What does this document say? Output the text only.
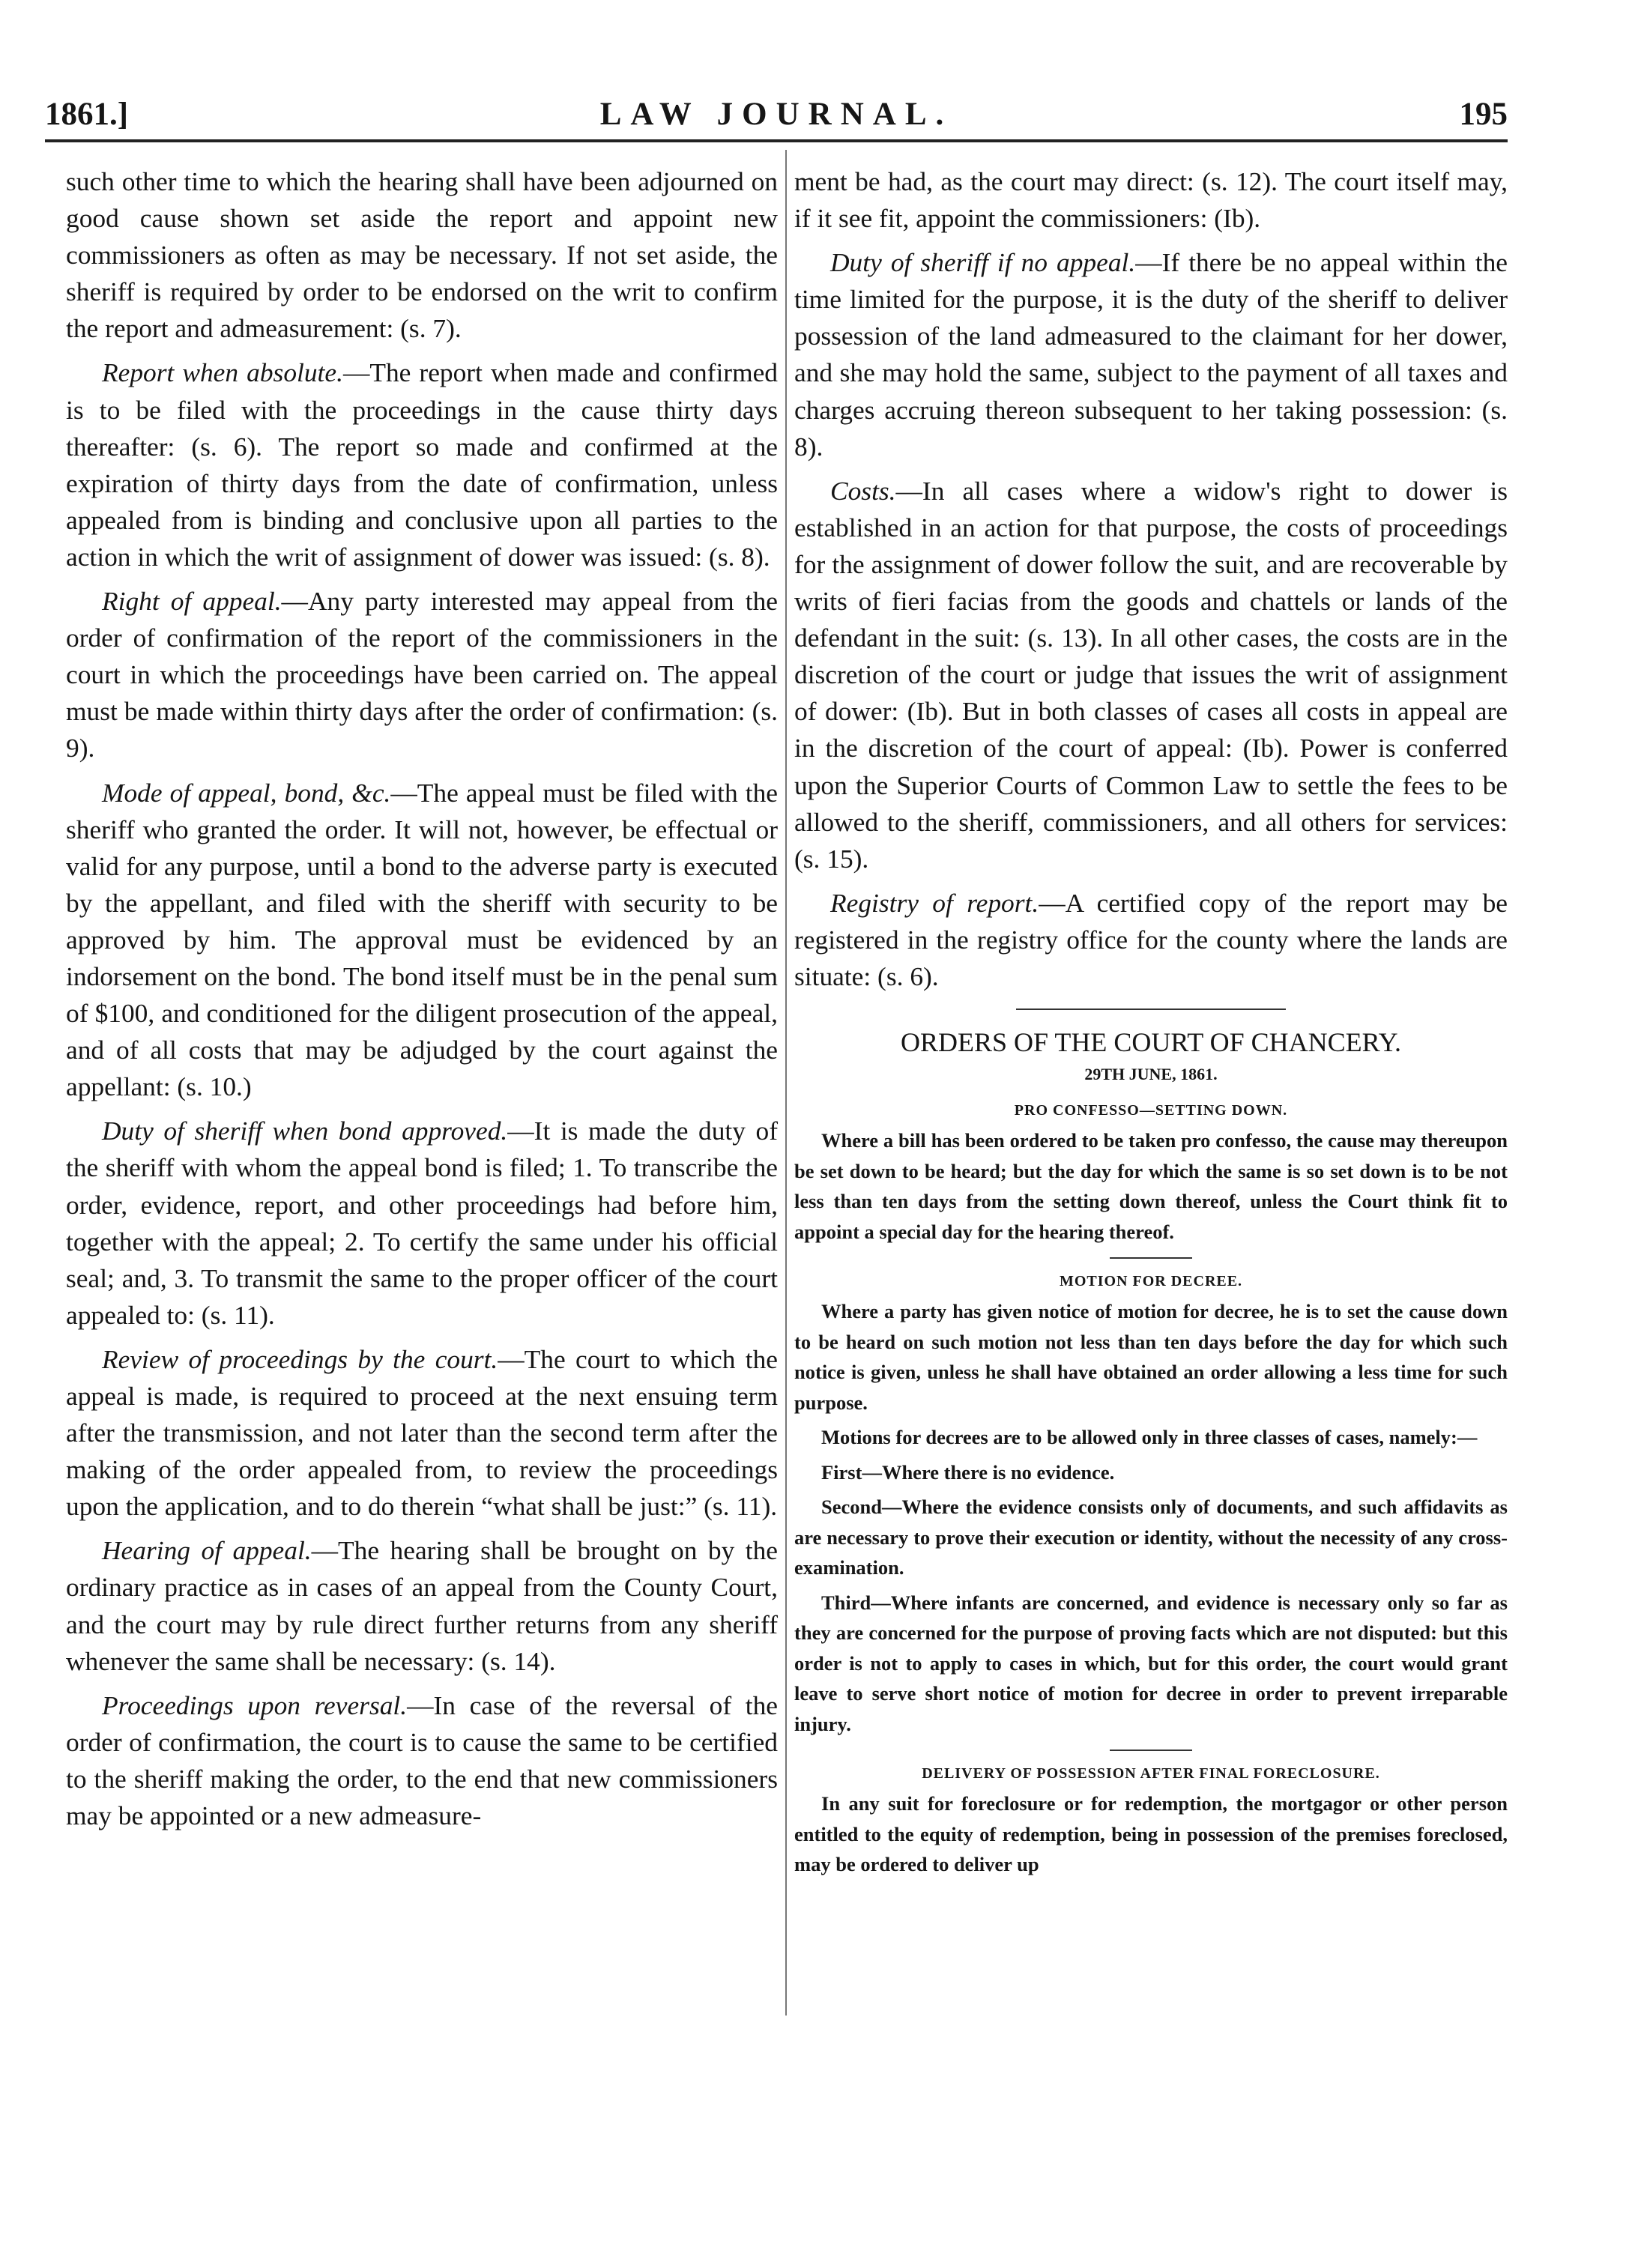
1861.]	LAW JOURNAL.	195

such other time to which the hearing shall have been adjourned on good cause shown set aside the report and appoint new commissioners as often as may be necessary. If not set aside, the sheriff is required by order to be endorsed on the writ to confirm the report and admeasurement: (s. 7).

Report when absolute.—The report when made and confirmed is to be filed with the proceedings in the cause thirty days thereafter: (s. 6). The report so made and confirmed at the expiration of thirty days from the date of confirmation, unless appealed from is binding and conclusive upon all parties to the action in which the writ of assignment of dower was issued: (s. 8).

Right of appeal.—Any party interested may appeal from the order of confirmation of the report of the commissioners in the court in which the proceedings have been carried on. The appeal must be made within thirty days after the order of confirmation: (s. 9).

Mode of appeal, bond, &c.—The appeal must be filed with the sheriff who granted the order. It will not, however, be effectual or valid for any purpose, until a bond to the adverse party is executed by the appellant, and filed with the sheriff with security to be approved by him. The approval must be evidenced by an indorsement on the bond. The bond itself must be in the penal sum of $100, and conditioned for the diligent prosecution of the appeal, and of all costs that may be adjudged by the court against the appellant: (s. 10.)

Duty of sheriff when bond approved.—It is made the duty of the sheriff with whom the appeal bond is filed; 1. To transcribe the order, evidence, report, and other proceedings had before him, together with the appeal; 2. To certify the same under his official seal; and, 3. To transmit the same to the proper officer of the court appealed to: (s. 11).

Review of proceedings by the court.—The court to which the appeal is made, is required to proceed at the next ensuing term after the transmission, and not later than the second term after the making of the order appealed from, to review the proceedings upon the application, and to do therein “what shall be just:” (s. 11).

Hearing of appeal.—The hearing shall be brought on by the ordinary practice as in cases of an appeal from the County Court, and the court may by rule direct further returns from any sheriff whenever the same shall be necessary: (s. 14).

Proceedings upon reversal.—In case of the reversal of the order of confirmation, the court is to cause the same to be certified to the sheriff making the order, to the end that new commissioners may be appointed or a new admeasure-

ment be had, as the court may direct: (s. 12). The court itself may, if it see fit, appoint the commissioners: (Ib).

Duty of sheriff if no appeal.—If there be no appeal within the time limited for the purpose, it is the duty of the sheriff to deliver possession of the land admeasured to the claimant for her dower, and she may hold the same, subject to the payment of all taxes and charges accruing thereon subsequent to her taking possession: (s. 8).

Costs.—In all cases where a widow's right to dower is established in an action for that purpose, the costs of proceedings for the assignment of dower follow the suit, and are recoverable by writs of fieri facias from the goods and chattels or lands of the defendant in the suit: (s. 13). In all other cases, the costs are in the discretion of the court or judge that issues the writ of assignment of dower: (Ib). But in both classes of cases all costs in appeal are in the discretion of the court of appeal: (Ib). Power is conferred upon the Superior Courts of Common Law to settle the fees to be allowed to the sheriff, commissioners, and all others for services: (s. 15).

Registry of report.—A certified copy of the report may be registered in the registry office for the county where the lands are situate: (s. 6).

ORDERS OF THE COURT OF CHANCERY.
29TH JUNE, 1861.
PRO CONFESSO—SETTING DOWN.

Where a bill has been ordered to be taken pro confesso, the cause may thereupon be set down to be heard; but the day for which the same is so set down is to be not less than ten days from the setting down thereof, unless the Court think fit to appoint a special day for the hearing thereof.

MOTION FOR DECREE.

Where a party has given notice of motion for decree, he is to set the cause down to be heard on such motion not less than ten days before the day for which such notice is given, unless he shall have obtained an order allowing a less time for such purpose.

Motions for decrees are to be allowed only in three classes of cases, namely:—

First—Where there is no evidence.

Second—Where the evidence consists only of documents, and such affidavits as are necessary to prove their execution or identity, without the necessity of any cross-examination.

Third—Where infants are concerned, and evidence is necessary only so far as they are concerned for the purpose of proving facts which are not disputed: but this order is not to apply to cases in which, but for this order, the court would grant leave to serve short notice of motion for decree in order to prevent irreparable injury.

DELIVERY OF POSSESSION AFTER FINAL FORECLOSURE.

In any suit for foreclosure or for redemption, the mortgagor or other person entitled to the equity of redemption, being in possession of the premises foreclosed, may be ordered to deliver up
